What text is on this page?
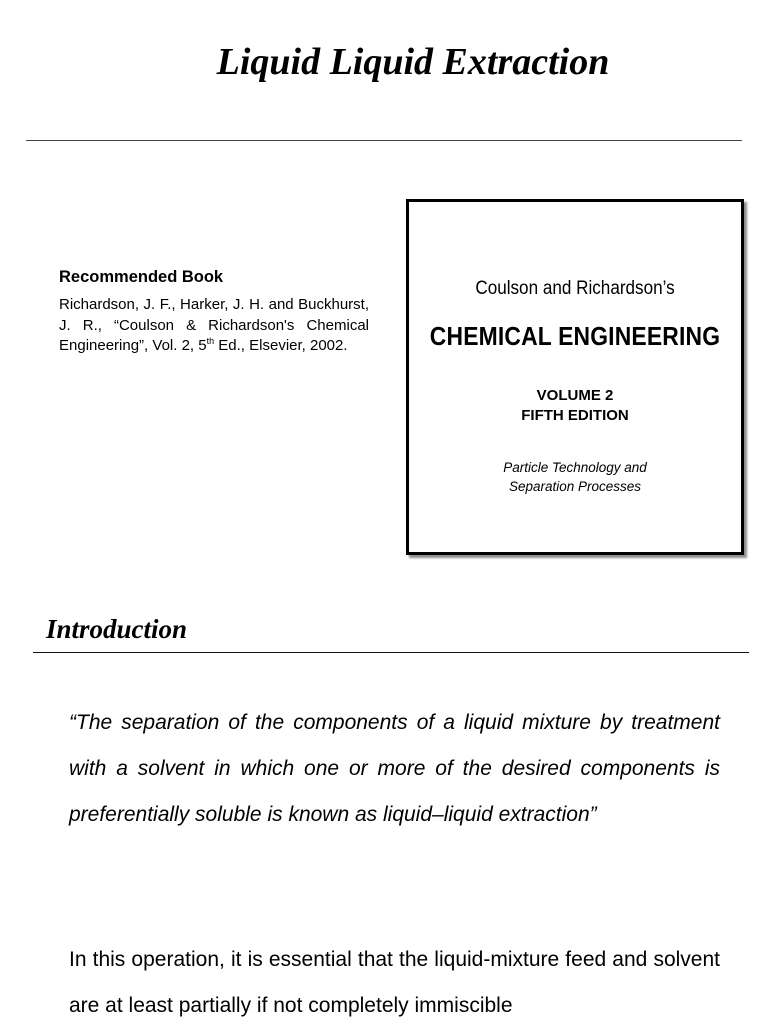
Liquid Liquid Extraction
Recommended Book

Richardson, J. F., Harker, J. H. and Buckhurst, J. R., “Coulson & Richardson's Chemical Engineering”, Vol. 2, 5th Ed., Elsevier, 2002.

Coulson and Richardson’s
CHEMICAL ENGINEERING
VOLUME 2
FIFTH EDITION
Particle Technology and
Separation Processes
Introduction

“The separation of the components of a liquid mixture by treatment with a solvent in which one or more of the desired components is preferentially soluble is known as liquid–liquid extraction”

In this operation, it is essential that the liquid-mixture feed and solvent are at least partially if not completely immiscible
